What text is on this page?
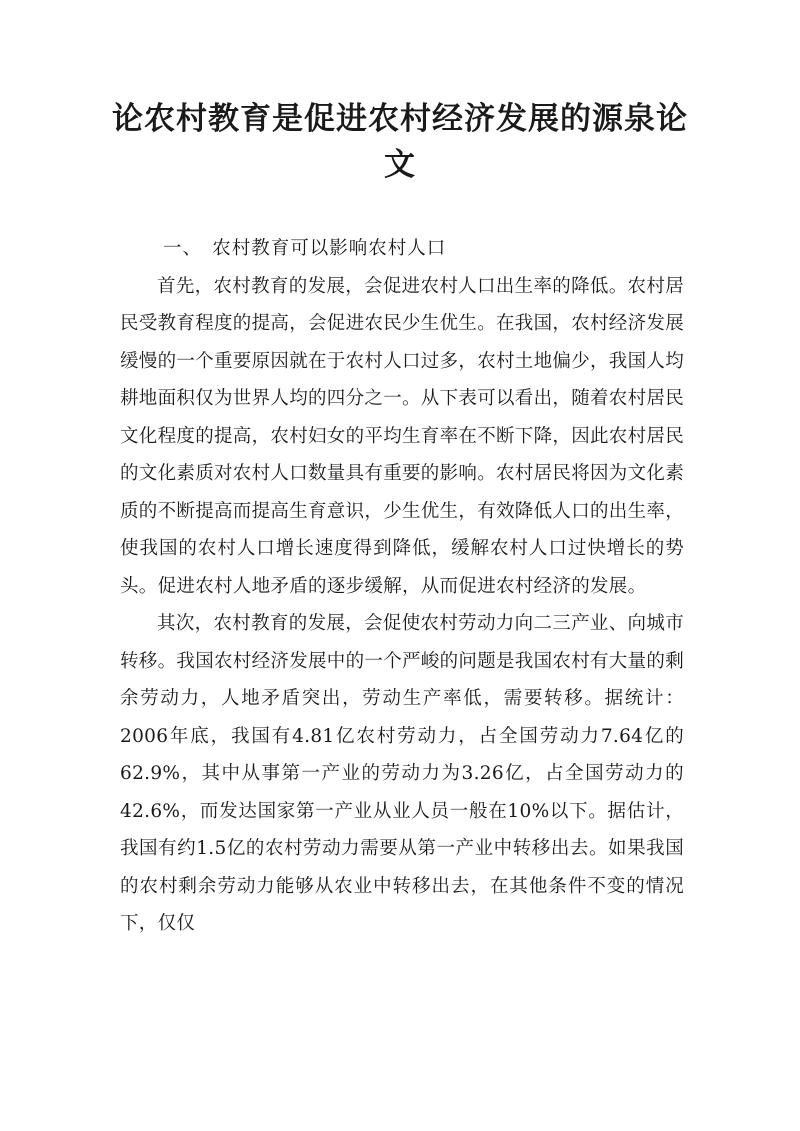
论农村教育是促进农村经济发展的源泉论
文

一、　农村教育可以影响农村人口

首先，农村教育的发展，会促进农村人口出生率的降低。农村居民受教育程度的提高，会促进农民少生优生。在我国，农村经济发展缓慢的一个重要原因就在于农村人口过多，农村土地偏少，我国人均耕地面积仅为世界人均的四分之一。从下表可以看出，随着农村居民文化程度的提高，农村妇女的平均生育率在不断下降，因此农村居民的文化素质对农村人口数量具有重要的影响。农村居民将因为文化素质的不断提高而提高生育意识，少生优生，有效降低人口的出生率，使我国的农村人口增长速度得到降低，缓解农村人口过快增长的势头。促进农村人地矛盾的逐步缓解，从而促进农村经济的发展。

其次，农村教育的发展，会促使农村劳动力向二三产业、向城市转移。我国农村经济发展中的一个严峻的问题是我国农村有大量的剩余劳动力，人地矛盾突出，劳动生产率低，需要转移。据统计：2006年底，我国有4.81亿农村劳动力，占全国劳动力7.64亿的62.9%，其中从事第一产业的劳动力为3.26亿，占全国劳动力的42.6%，而发达国家第一产业从业人员一般在10%以下。据估计，我国有约1.5亿的农村劳动力需要从第一产业中转移出去。如果我国的农村剩余劳动力能够从农业中转移出去，在其他条件不变的情况下，仅仅
